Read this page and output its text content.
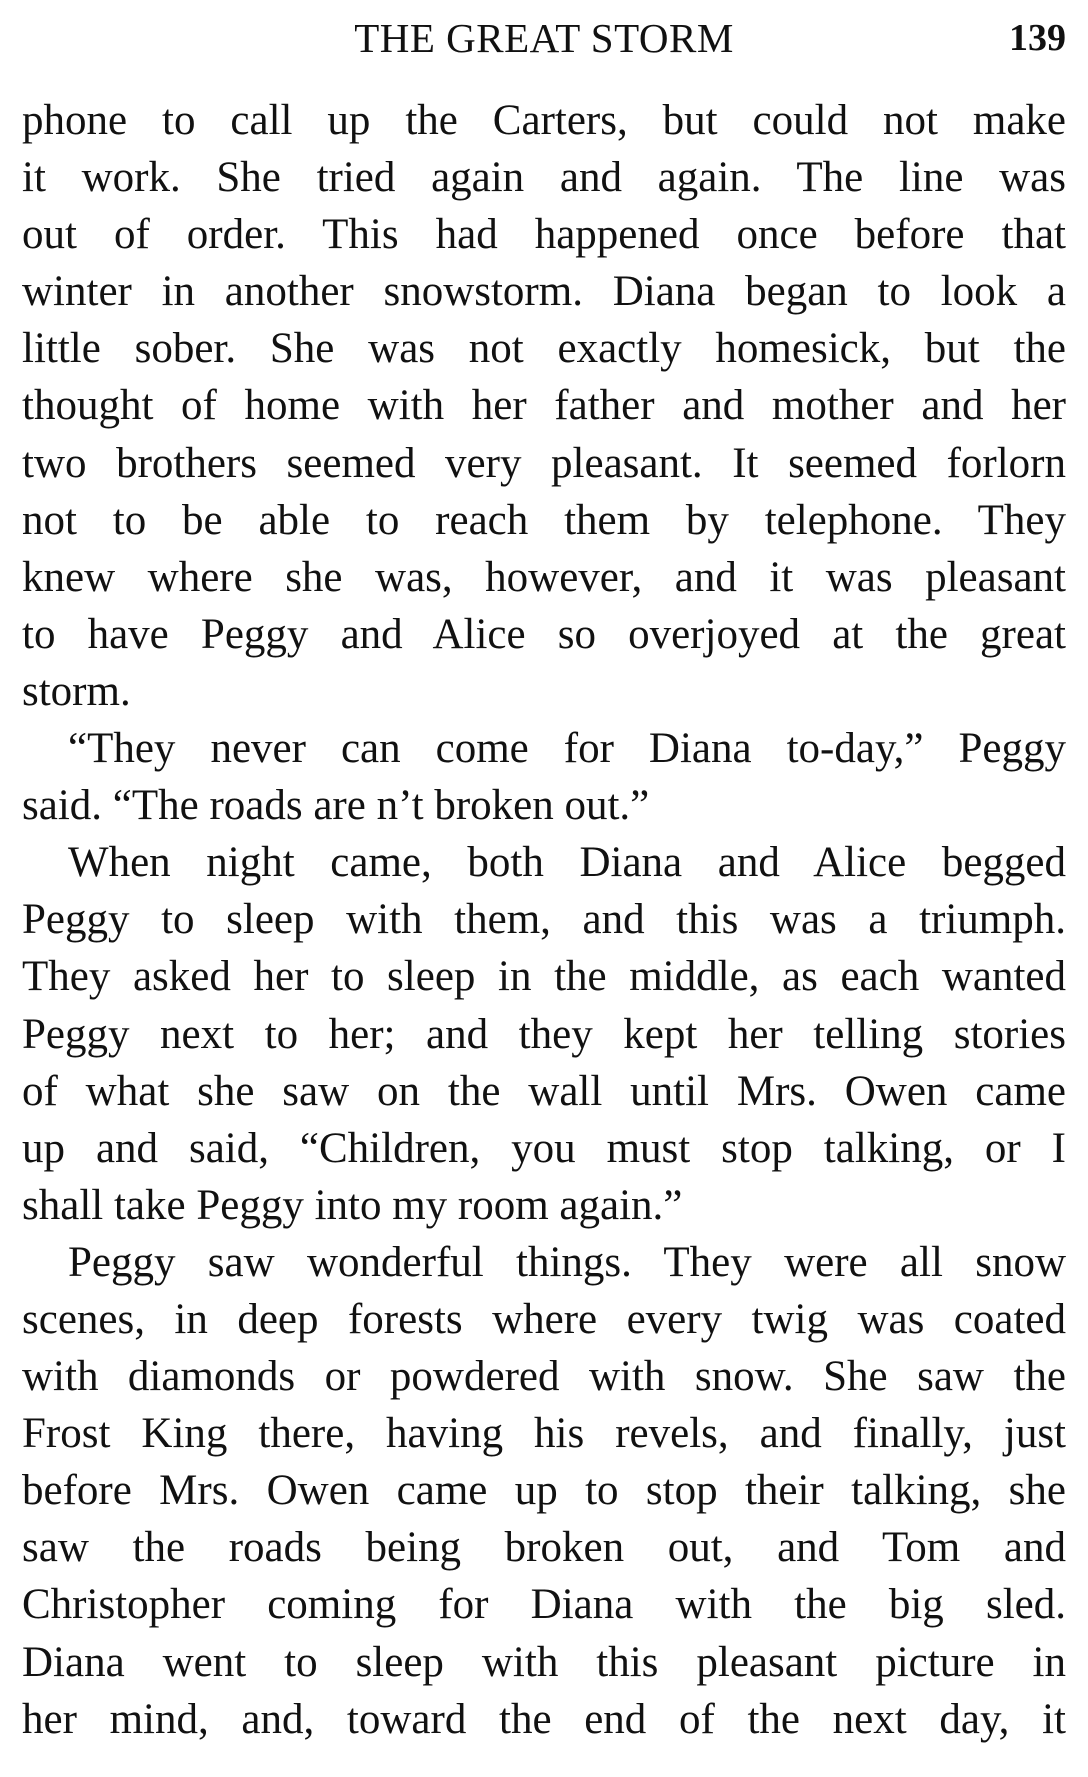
THE GREAT STORM	139
phone to call up the Carters, but could not make
it work. She tried again and again. The line was
out of order. This had happened once before that
winter in another snowstorm. Diana began to look a
little sober. She was not exactly homesick, but the
thought of home with her father and mother and her
two brothers seemed very pleasant. It seemed forlorn
not to be able to reach them by telephone. They
knew where she was, however, and it was pleasant
to have Peggy and Alice so overjoyed at the great
storm.
“They never can come for Diana to-day,” Peggy
said. “The roads are n’t broken out.”
When night came, both Diana and Alice begged
Peggy to sleep with them, and this was a triumph.
They asked her to sleep in the middle, as each wanted
Peggy next to her; and they kept her telling stories
of what she saw on the wall until Mrs. Owen came
up and said, “Children, you must stop talking, or I
shall take Peggy into my room again.”
Peggy saw wonderful things. They were all snow
scenes, in deep forests where every twig was coated
with diamonds or powdered with snow. She saw the
Frost King there, having his revels, and finally, just
before Mrs. Owen came up to stop their talking, she
saw the roads being broken out, and Tom and
Christopher coming for Diana with the big sled.
Diana went to sleep with this pleasant picture in
her mind, and, toward the end of the next day, it
